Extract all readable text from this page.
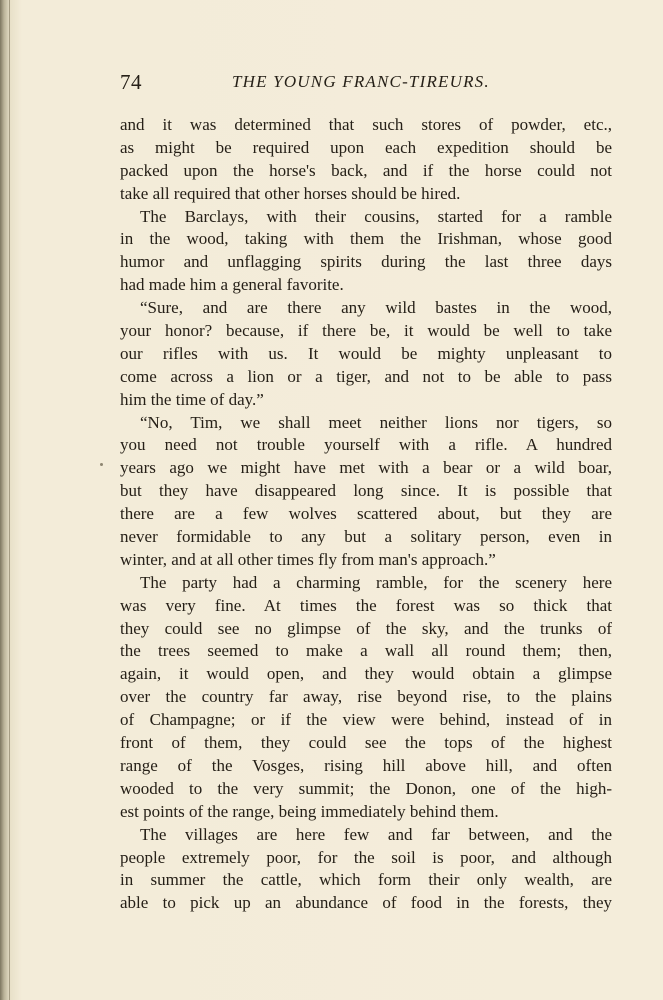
74	THE YOUNG FRANC-TIREURS.
and it was determined that such stores of powder, etc.,
as might be required upon each expedition should be
packed upon the horse's back, and if the horse could not
take all required that other horses should be hired.
The Barclays, with their cousins, started for a ramble
in the wood, taking with them the Irishman, whose good
humor and unflagging spirits during the last three days
had made him a general favorite.
“Sure, and are there any wild bastes in the wood,
your honor? because, if there be, it would be well to take
our rifles with us. It would be mighty unpleasant to
come across a lion or a tiger, and not to be able to pass
him the time of day.”
“No, Tim, we shall meet neither lions nor tigers, so
you need not trouble yourself with a rifle. A hundred
years ago we might have met with a bear or a wild boar,
but they have disappeared long since. It is possible that
there are a few wolves scattered about, but they are
never formidable to any but a solitary person, even in
winter, and at all other times fly from man's approach.”
The party had a charming ramble, for the scenery here
was very fine. At times the forest was so thick that
they could see no glimpse of the sky, and the trunks of
the trees seemed to make a wall all round them; then,
again, it would open, and they would obtain a glimpse
over the country far away, rise beyond rise, to the plains
of Champagne; or if the view were behind, instead of in
front of them, they could see the tops of the highest
range of the Vosges, rising hill above hill, and often
wooded to the very summit; the Donon, one of the high-
est points of the range, being immediately behind them.
The villages are here few and far between, and the
people extremely poor, for the soil is poor, and although
in summer the cattle, which form their only wealth, are
able to pick up an abundance of food in the forests, they
